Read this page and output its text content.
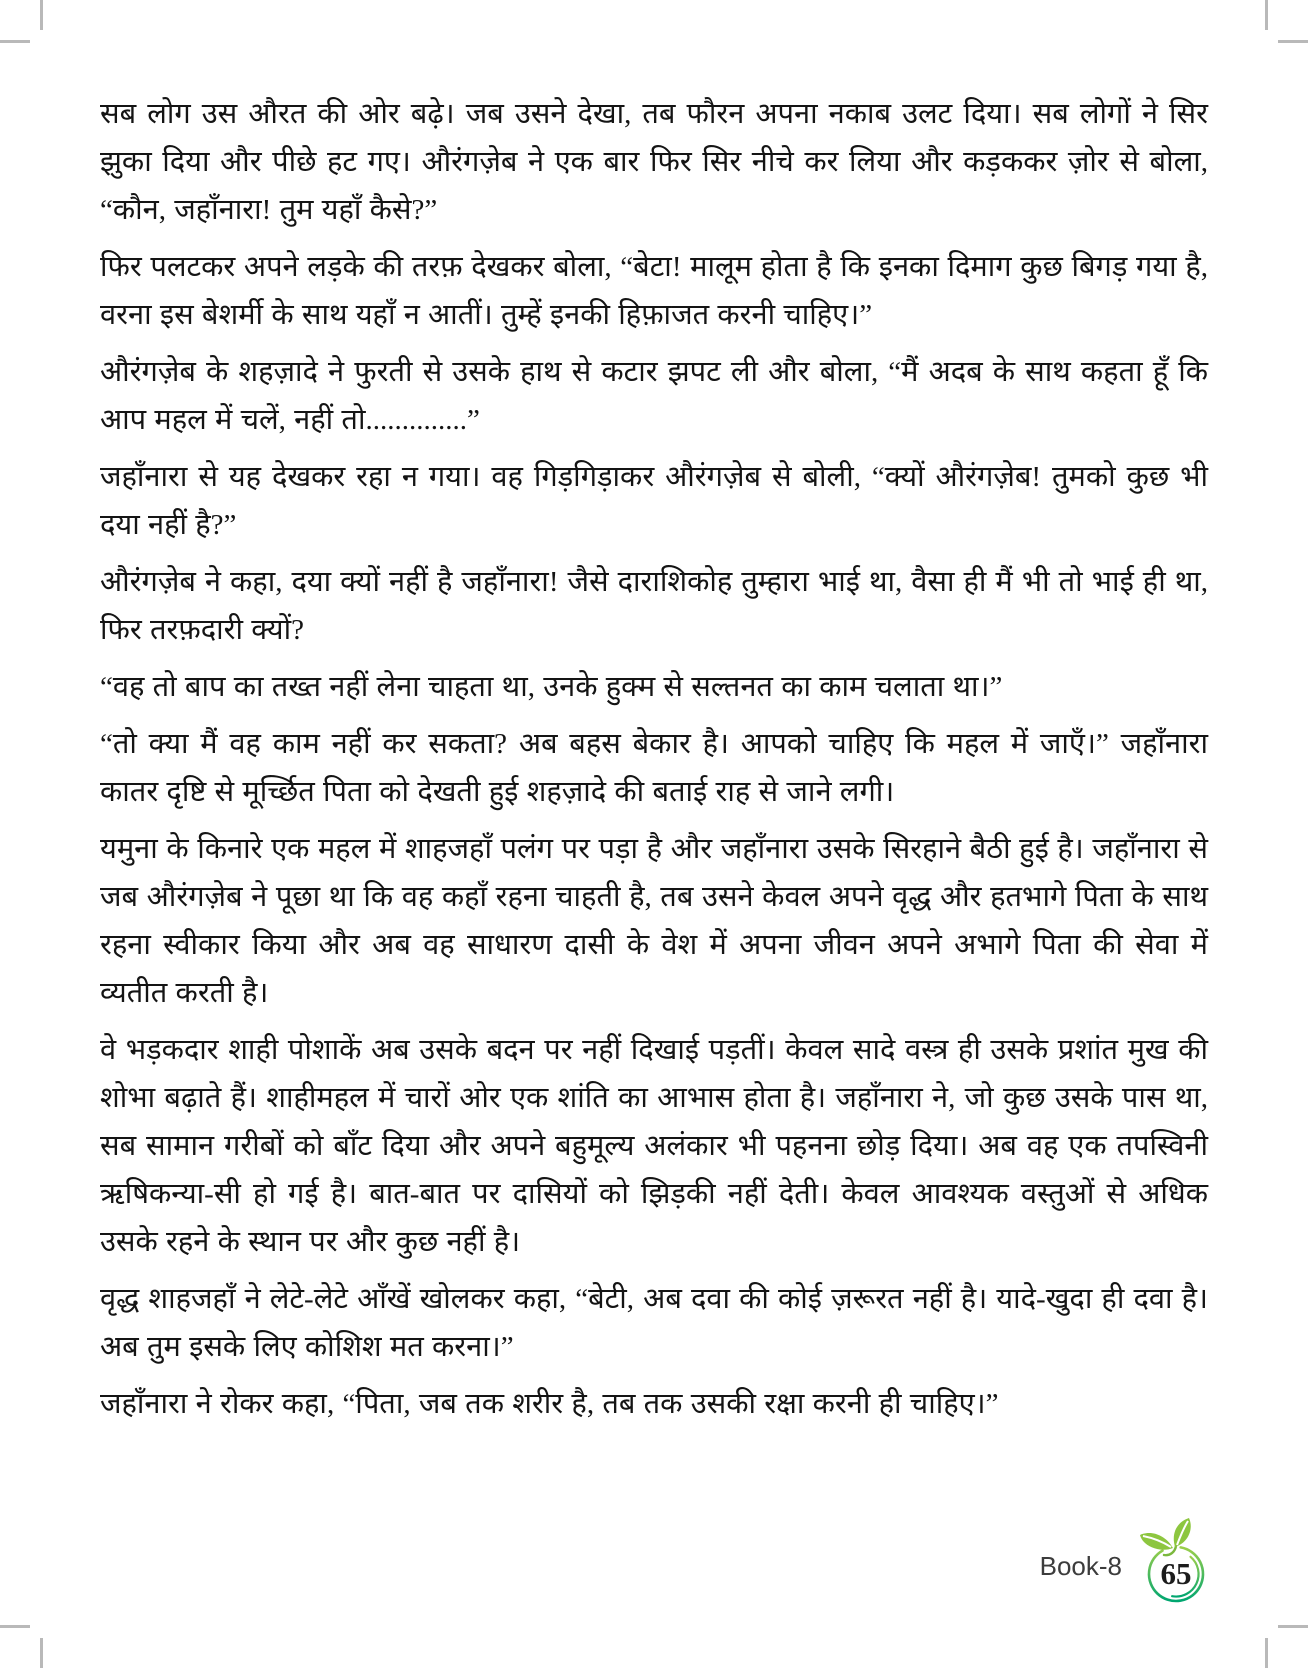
सब लोग उस औरत की ओर बढ़े। जब उसने देखा, तब फौरन अपना नकाब उलट दिया। सब लोगों ने सिर झुका दिया और पीछे हट गए। औरंगज़ेब ने एक बार फिर सिर नीचे कर लिया और कड़ककर ज़ोर से बोला, “कौन, जहाँनारा! तुम यहाँ कैसे?”

फिर पलटकर अपने लड़के की तरफ़ देखकर बोला, “बेटा! मालूम होता है कि इनका दिमाग कुछ बिगड़ गया है, वरना इस बेशर्मी के साथ यहाँ न आतीं। तुम्हें इनकी हिफ़ाजत करनी चाहिए।”

औरंगज़ेब के शहज़ादे ने फुरती से उसके हाथ से कटार झपट ली और बोला, “मैं अदब के साथ कहता हूँ कि आप महल में चलें, नहीं तो..............”

जहाँनारा से यह देखकर रहा न गया। वह गिड़गिड़ाकर औरंगज़ेब से बोली, “क्यों औरंगज़ेब! तुमको कुछ भी दया नहीं है?”

औरंगज़ेब ने कहा, दया क्यों नहीं है जहाँनारा! जैसे दाराशिकोह तुम्हारा भाई था, वैसा ही मैं भी तो भाई ही था, फिर तरफ़दारी क्यों?

“वह तो बाप का तख्त नहीं लेना चाहता था, उनके हुक्म से सल्तनत का काम चलाता था।”

“तो क्या मैं वह काम नहीं कर सकता? अब बहस बेकार है। आपको चाहिए कि महल में जाएँ।” जहाँनारा कातर दृष्टि से मूर्च्छित पिता को देखती हुई शहज़ादे की बताई राह से जाने लगी।

यमुना के किनारे एक महल में शाहजहाँ पलंग पर पड़ा है और जहाँनारा उसके सिरहाने बैठी हुई है। जहाँनारा से जब औरंगज़ेब ने पूछा था कि वह कहाँ रहना चाहती है, तब उसने केवल अपने वृद्ध और हतभागे पिता के साथ रहना स्वीकार किया और अब वह साधारण दासी के वेश में अपना जीवन अपने अभागे पिता की सेवा में व्यतीत करती है।

वे भड़कदार शाही पोशाकें अब उसके बदन पर नहीं दिखाई पड़तीं। केवल सादे वस्त्र ही उसके प्रशांत मुख की शोभा बढ़ाते हैं। शाहीमहल में चारों ओर एक शांति का आभास होता है। जहाँनारा ने, जो कुछ उसके पास था, सब सामान गरीबों को बाँट दिया और अपने बहुमूल्य अलंकार भी पहनना छोड़ दिया। अब वह एक तपस्विनी ऋषिकन्या-सी हो गई है। बात-बात पर दासियों को झिड़की नहीं देती। केवल आवश्यक वस्तुओं से अधिक उसके रहने के स्थान पर और कुछ नहीं है।

वृद्ध शाहजहाँ ने लेटे-लेटे आँखें खोलकर कहा, “बेटी, अब दवा की कोई ज़रूरत नहीं है। यादे-खुदा ही दवा है। अब तुम इसके लिए कोशिश मत करना।”

जहाँनारा ने रोकर कहा, “पिता, जब तक शरीर है, तब तक उसकी रक्षा करनी ही चाहिए।”

Book-8	65
